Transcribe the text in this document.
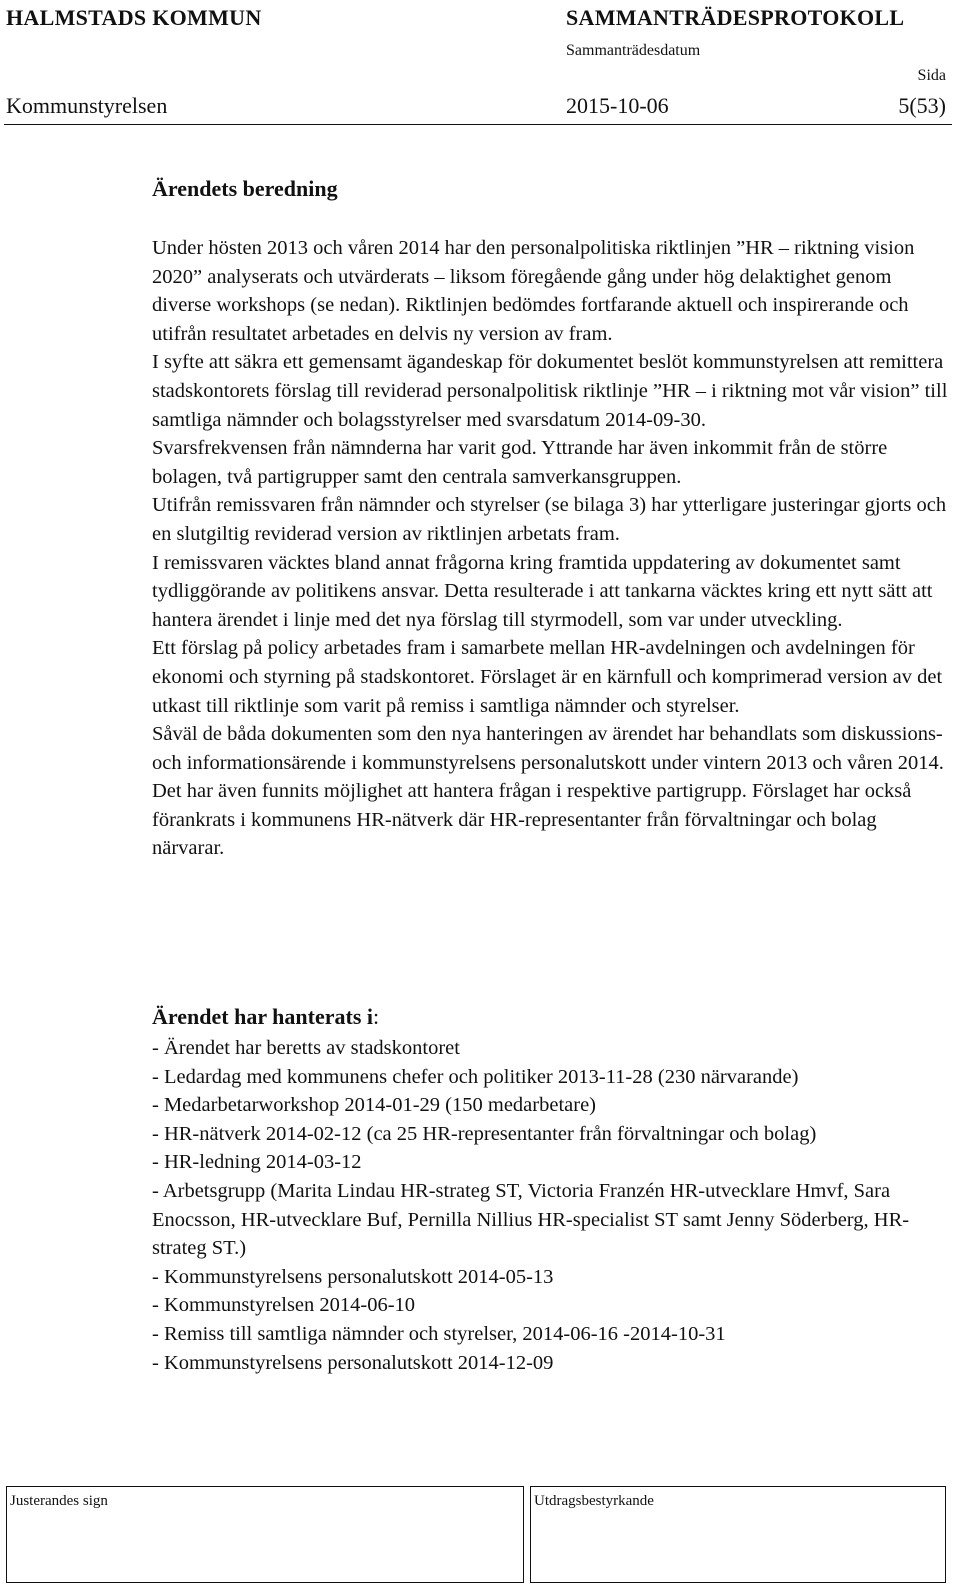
HALMSTADS KOMMUN	SAMMANTRÄDESPROTOKOLL
Sammanträdesdatum
Sida
Kommunstyrelsen	2015-10-06	5(53)
Ärendets beredning

Under hösten 2013 och våren 2014 har den personalpolitiska riktlinjen ”HR – riktning vision 2020” analyserats och utvärderats – liksom föregående gång under hög delaktighet genom diverse workshops (se nedan). Riktlinjen bedömdes fortfarande aktuell och inspirerande och utifrån resultatet arbetades en delvis ny version av fram.

I syfte att säkra ett gemensamt ägandeskap för dokumentet beslöt kommunstyrelsen att remittera stadskontorets förslag till reviderad personalpolitisk riktlinje ”HR – i riktning mot vår vision” till samtliga nämnder och bolagsstyrelser med svarsdatum 2014-09-30.

Svarsfrekvensen från nämnderna har varit god. Yttrande har även inkommit från de större bolagen, två partigrupper samt den centrala samverkansgruppen.

Utifrån remissvaren från nämnder och styrelser (se bilaga 3) har ytterligare justeringar gjorts och en slutgiltig reviderad version av riktlinjen arbetats fram.

I remissvaren väcktes bland annat frågorna kring framtida uppdatering av dokumentet samt tydliggörande av politikens ansvar. Detta resulterade i att tankarna väcktes kring ett nytt sätt att hantera ärendet i linje med det nya förslag till styrmodell, som var under utveckling.

Ett förslag på policy arbetades fram i samarbete mellan HR-avdelningen och avdelningen för ekonomi och styrning på stadskontoret. Förslaget är en kärnfull och komprimerad version av det utkast till riktlinje som varit på remiss i samtliga nämnder och styrelser.

Såväl de båda dokumenten som den nya hanteringen av ärendet har behandlats som diskussions- och informationsärende i kommunstyrelsens personalutskott under vintern 2013 och våren 2014. Det har även funnits möjlighet att hantera frågan i respektive partigrupp. Förslaget har också förankrats i kommunens HR-nätverk där HR-representanter från förvaltningar och bolag närvarar.

Ärendet har hanterats i:

- Ärendet har beretts av stadskontoret

- Ledardag med kommunens chefer och politiker 2013-11-28 (230 närvarande)

- Medarbetarworkshop 2014-01-29 (150 medarbetare)

- HR-nätverk 2014-02-12 (ca 25 HR-representanter från förvaltningar och bolag)

- HR-ledning 2014-03-12

- Arbetsgrupp (Marita Lindau HR-strateg ST, Victoria Franzén HR-utvecklare Hmvf, Sara Enocsson, HR-utvecklare Buf, Pernilla Nillius HR-specialist ST samt Jenny Söderberg, HR-strateg ST.)

- Kommunstyrelsens personalutskott 2014-05-13

- Kommunstyrelsen 2014-06-10

- Remiss till samtliga nämnder och styrelser, 2014-06-16 -2014-10-31

- Kommunstyrelsens personalutskott 2014-12-09

Justerandes sign	Utdragsbestyrkande
